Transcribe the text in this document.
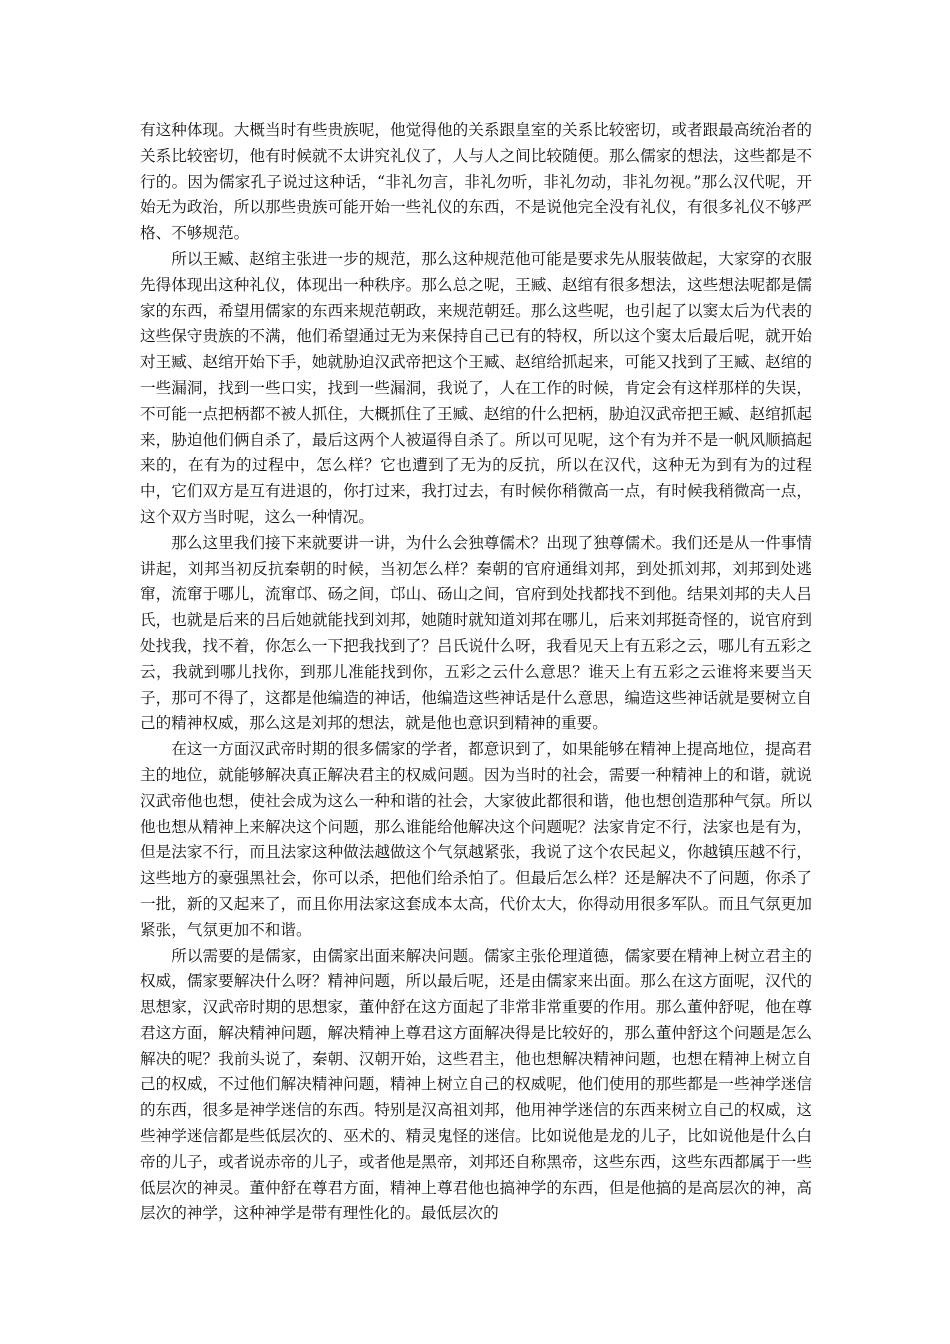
有这种体现。大概当时有些贵族呢，他觉得他的关系跟皇室的关系比较密切，或者跟最高统治者的关系比较密切，他有时候就不太讲究礼仪了，人与人之间比较随便。那么儒家的想法，这些都是不行的。因为儒家孔子说过这种话，“非礼勿言，非礼勿听，非礼勿动，非礼勿视。”那么汉代呢，开始无为政治，所以那些贵族可能开始一些礼仪的东西，不是说他完全没有礼仪，有很多礼仪不够严格、不够规范。

所以王臧、赵绾主张进一步的规范，那么这种规范他可能是要求先从服装做起，大家穿的衣服先得体现出这种礼仪，体现出一种秩序。那么总之呢，王臧、赵绾有很多想法，这些想法呢都是儒家的东西，希望用儒家的东西来规范朝政，来规范朝廷。那么这些呢，也引起了以窦太后为代表的这些保守贵族的不满，他们希望通过无为来保持自己已有的特权，所以这个窦太后最后呢，就开始对王臧、赵绾开始下手，她就胁迫汉武帝把这个王臧、赵绾给抓起来，可能又找到了王臧、赵绾的一些漏洞，找到一些口实，找到一些漏洞，我说了，人在工作的时候，肯定会有这样那样的失误，不可能一点把柄都不被人抓住，大概抓住了王臧、赵绾的什么把柄，胁迫汉武帝把王臧、赵绾抓起来，胁迫他们俩自杀了，最后这两个人被逼得自杀了。所以可见呢，这个有为并不是一帆风顺搞起来的，在有为的过程中，怎么样？它也遭到了无为的反抗，所以在汉代，这种无为到有为的过程中，它们双方是互有进退的，你打过来，我打过去，有时候你稍微高一点，有时候我稍微高一点，这个双方当时呢，这么一种情况。

那么这里我们接下来就要讲一讲，为什么会独尊儒术？出现了独尊儒术。我们还是从一件事情讲起，刘邦当初反抗秦朝的时候，当初怎么样？秦朝的官府通缉刘邦，到处抓刘邦，刘邦到处逃窜，流窜于哪儿，流窜邙、砀之间，邙山、砀山之间，官府到处找都找不到他。结果刘邦的夫人吕氏，也就是后来的吕后她就能找到刘邦，她随时就知道刘邦在哪儿，后来刘邦挺奇怪的，说官府到处找我，找不着，你怎么一下把我找到了？吕氏说什么呀，我看见天上有五彩之云，哪儿有五彩之云，我就到哪儿找你，到那儿准能找到你，五彩之云什么意思？谁天上有五彩之云谁将来要当天子，那可不得了，这都是他编造的神话，他编造这些神话是什么意思，编造这些神话就是要树立自己的精神权威，那么这是刘邦的想法，就是他也意识到精神的重要。

在这一方面汉武帝时期的很多儒家的学者，都意识到了，如果能够在精神上提高地位，提高君主的地位，就能够解决真正解决君主的权威问题。因为当时的社会，需要一种精神上的和谐，就说汉武帝他也想，使社会成为这么一种和谐的社会，大家彼此都很和谐，他也想创造那种气氛。所以他也想从精神上来解决这个问题，那么谁能给他解决这个问题呢？法家肯定不行，法家也是有为，但是法家不行，而且法家这种做法越做这个气氛越紧张，我说了这个农民起义，你越镇压越不行，这些地方的豪强黑社会，你可以杀，把他们给杀怕了。但最后怎么样？还是解决不了问题，你杀了一批，新的又起来了，而且你用法家这套成本太高，代价太大，你得动用很多军队。而且气氛更加紧张，气氛更加不和谐。

所以需要的是儒家，由儒家出面来解决问题。儒家主张伦理道德，儒家要在精神上树立君主的权威，儒家要解决什么呀？精神问题，所以最后呢，还是由儒家来出面。那么在这方面呢，汉代的思想家，汉武帝时期的思想家，董仲舒在这方面起了非常非常重要的作用。那么董仲舒呢，他在尊君这方面，解决精神问题，解决精神上尊君这方面解决得是比较好的，那么董仲舒这个问题是怎么解决的呢？我前头说了，秦朝、汉朝开始，这些君主，他也想解决精神问题，也想在精神上树立自己的权威，不过他们解决精神问题，精神上树立自己的权威呢，他们使用的那些都是一些神学迷信的东西，很多是神学迷信的东西。特别是汉高祖刘邦，他用神学迷信的东西来树立自己的权威，这些神学迷信都是些低层次的、巫术的、精灵鬼怪的迷信。比如说他是龙的儿子，比如说他是什么白帝的儿子，或者说赤帝的儿子，或者他是黑帝，刘邦还自称黑帝，这些东西，这些东西都属于一些低层次的神灵。董仲舒在尊君方面，精神上尊君他也搞神学的东西，但是他搞的是高层次的神，高层次的神学，这种神学是带有理性化的。最低层次的
